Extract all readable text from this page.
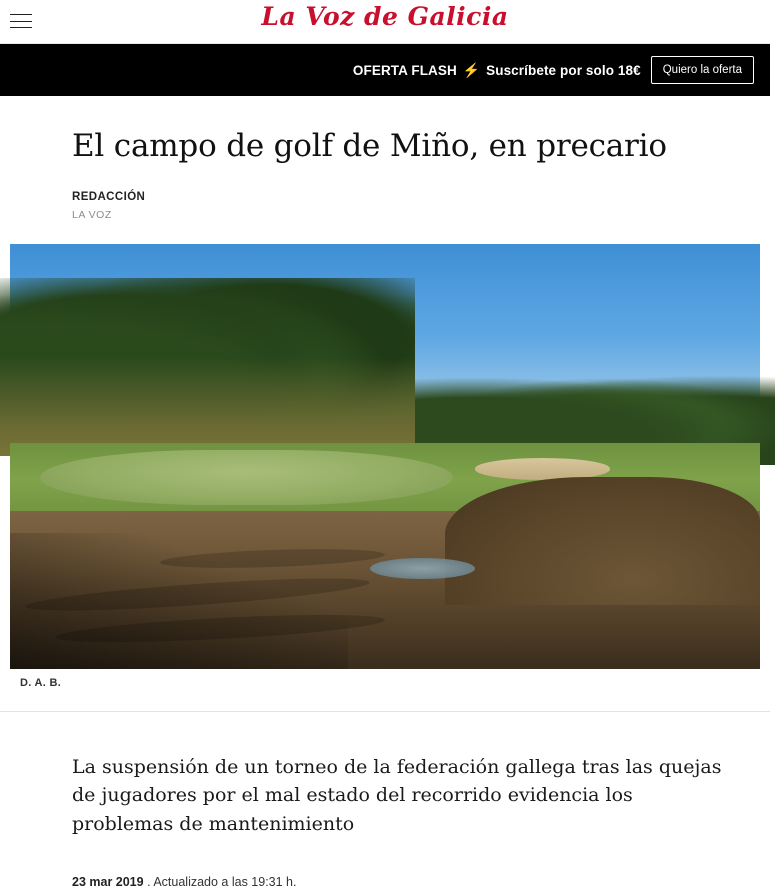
La Voz de Galicia
OFERTA FLASH ⚡ Suscríbete por solo 18€	Quiero la oferta
El campo de golf de Miño, en precario
REDACCIÓN
LA VOZ
D. A. B.

La suspensión de un torneo de la federación gallega tras las quejas de jugadores por el mal estado del recorrido evidencia los problemas de mantenimiento

23 mar 2019 . Actualizado a las 19:31 h.
